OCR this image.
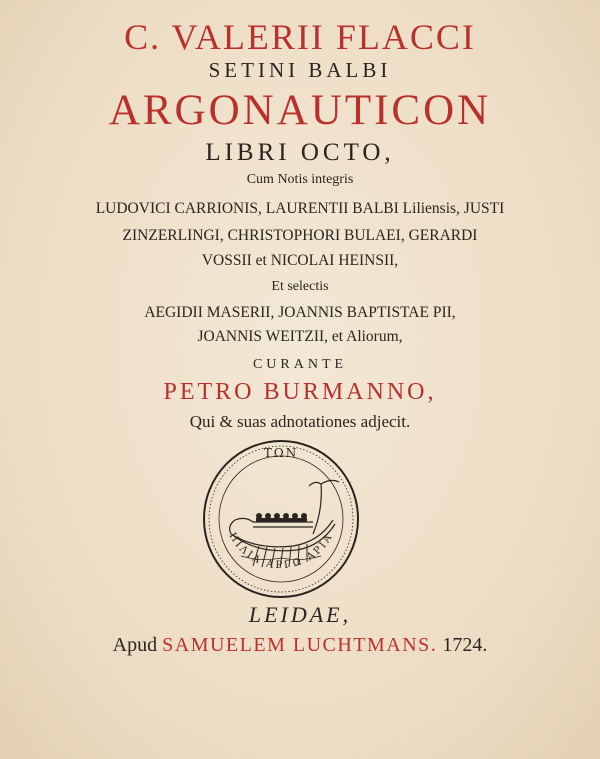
C. VALERII FLACCI
SETINI BALBI
ARGONAUTICON
LIBRI OCTO,
Cum Notis integris
LUDOVICI CARRIONIS, LAURENTII BALBI Liliensis, JUSTI
ZINZERLINGI, CHRISTOPHORI BULAEI, GERARDI
VOSSII et NICOLAI HEINSII,
Et selectis
AEGIDII MASERII, JOANNIS BAPTISTAE PII,
JOANNIS WEITZII, et Aliorum,
CURANTE
PETRO BURMANNO,
Qui & suas adnotationes adjecit.
ΤΩΝ
ΗΙΛΙΑ ΑΡΓΩ ΑΡΙΑ
LEIDAE,
Apud SAMUELEM LUCHTMANS. 1724.
